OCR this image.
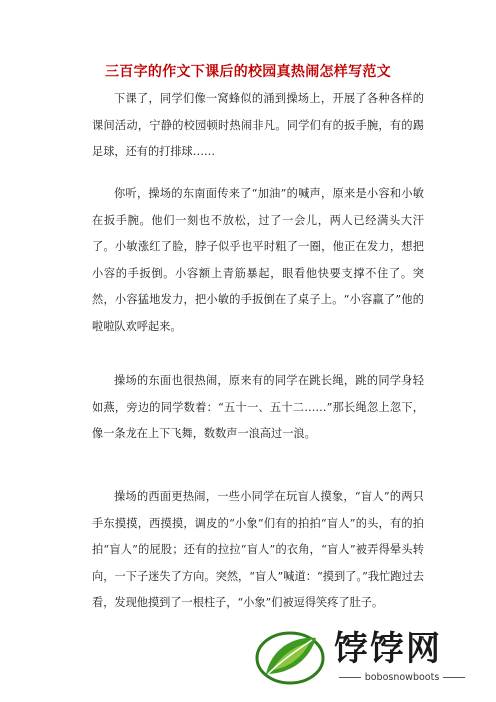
三百字的作文下课后的校园真热闹怎样写范文

下课了，同学们像一窝蜂似的涌到操场上，开展了各种各样的课间活动，宁静的校园顿时热闹非凡。同学们有的扳手腕，有的踢足球，还有的打排球……

你听，操场的东南面传来了“加油”的喊声，原来是小容和小敏在扳手腕。他们一刻也不放松，过了一会儿，两人已经满头大汗了。小敏涨红了脸，脖子似乎也平时粗了一圈，他正在发力，想把小容的手扳倒。小容额上青筋暴起，眼看他快要支撑不住了。突然，小容猛地发力，把小敏的手扳倒在了桌子上。“小容赢了”他的啦啦队欢呼起来。

操场的东面也很热闹，原来有的同学在跳长绳，跳的同学身轻如燕，旁边的同学数着：“五十一、五十二……”那长绳忽上忽下，像一条龙在上下飞舞，数数声一浪高过一浪。

操场的西面更热闹，一些小同学在玩盲人摸象，“盲人”的两只手东摸摸，西摸摸，调皮的“小象”们有的拍拍“盲人”的头，有的拍拍“盲人”的屁股；还有的拉拉“盲人”的衣角，“盲人”被弄得晕头转向，一下子迷失了方向。突然，“盲人”喊道：“摸到了。”我忙跑过去看，发现他摸到了一根柱子，“小象”们被逗得笑疼了肚子。

饽饽网
bobosnowboots
